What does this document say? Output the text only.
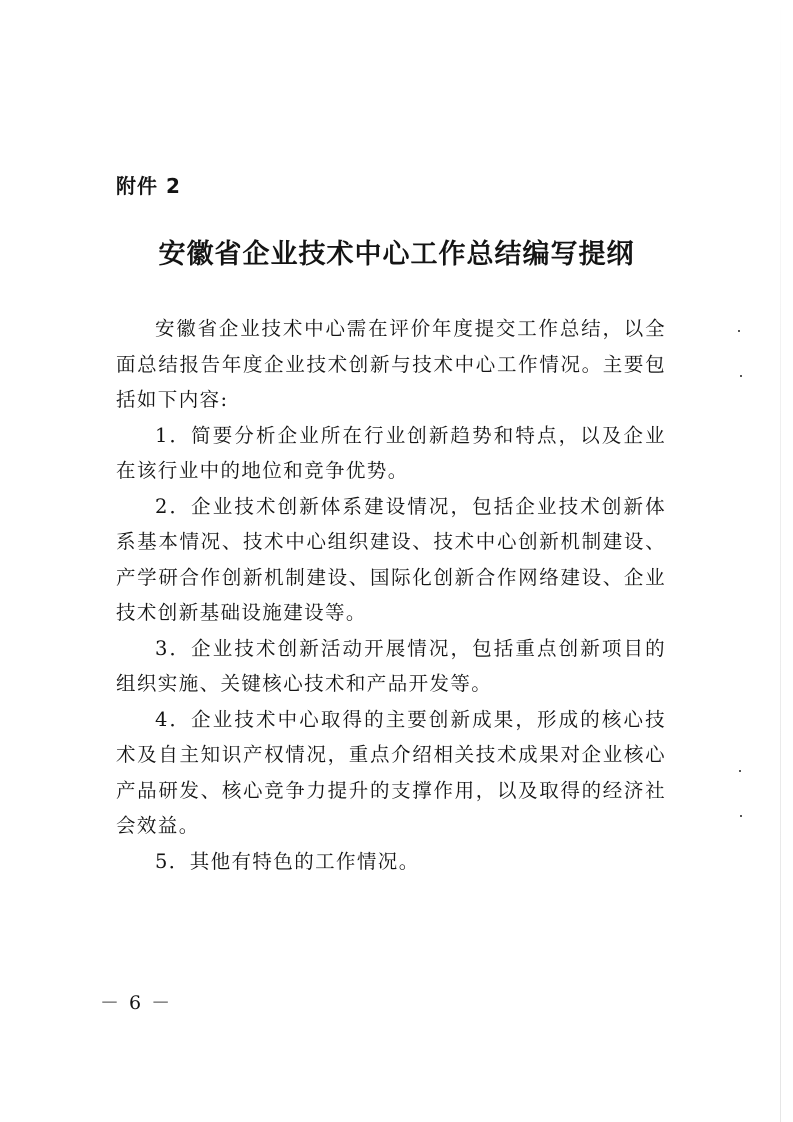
附件 2
安徽省企业技术中心工作总结编写提纲

安徽省企业技术中心需在评价年度提交工作总结，以全面总结报告年度企业技术创新与技术中心工作情况。主要包括如下内容:

1．简要分析企业所在行业创新趋势和特点，以及企业在该行业中的地位和竞争优势。

2．企业技术创新体系建设情况，包括企业技术创新体系基本情况、技术中心组织建设、技术中心创新机制建设、产学研合作创新机制建设、国际化创新合作网络建设、企业技术创新基础设施建设等。

3．企业技术创新活动开展情况，包括重点创新项目的组织实施、关键核心技术和产品开发等。

4．企业技术中心取得的主要创新成果，形成的核心技术及自主知识产权情况，重点介绍相关技术成果对企业核心产品研发、核心竞争力提升的支撑作用，以及取得的经济社会效益。

5．其他有特色的工作情况。

－ 6 －
